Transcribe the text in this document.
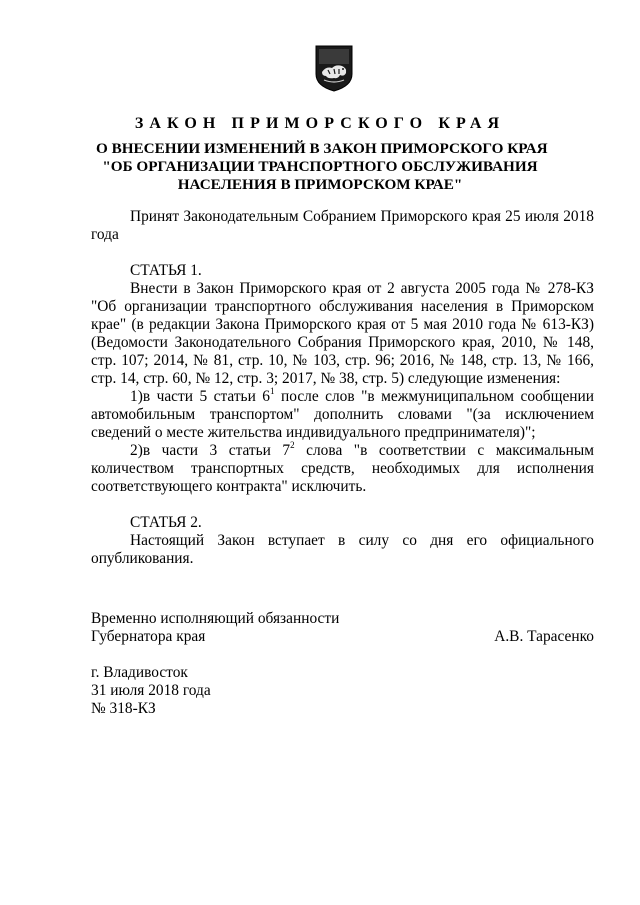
ЗАКОН ПРИМОРСКОГО КРАЯ
О ВНЕСЕНИИ ИЗМЕНЕНИЙ В ЗАКОН ПРИМОРСКОГО КРАЯ
"ОБ ОРГАНИЗАЦИИ ТРАНСПОРТНОГО ОБСЛУЖИВАНИЯ
НАСЕЛЕНИЯ В ПРИМОРСКОМ КРАЕ"

Принят Законодательным Собранием Приморского края 25 июля 2018 года

СТАТЬЯ 1.

Внести в Закон Приморского края от 2 августа 2005 года № 278-КЗ "Об организации транспортного обслуживания населения в Приморском крае" (в редакции Закона Приморского края от 5 мая 2010 года № 613-КЗ) (Ведомости Законодательного Собрания Приморского края, 2010, № 148, стр. 107; 2014, № 81, стр. 10, № 103, стр. 96; 2016, № 148, стр. 13, № 166, стр. 14, стр. 60, № 12, стр. 3; 2017, № 38, стр. 5) следующие изменения:

1)в части 5 статьи $6^1$ после слов "в межмуниципальном сообщении автомобильным транспортом" дополнить словами "(за исключением сведений о месте жительства индивидуального предпринимателя)";

2)в части 3 статьи $7^2$ слова "в соответствии с максимальным количеством транспортных средств, необходимых для исполнения соответствующего контракта" исключить.

СТАТЬЯ 2.

Настоящий Закон вступает в силу со дня его официального опубликования.

Временно исполняющий обязанности
Губернатора края	А.В. Тарасенко
г. Владивосток
31 июля 2018 года
№ 318-КЗ
